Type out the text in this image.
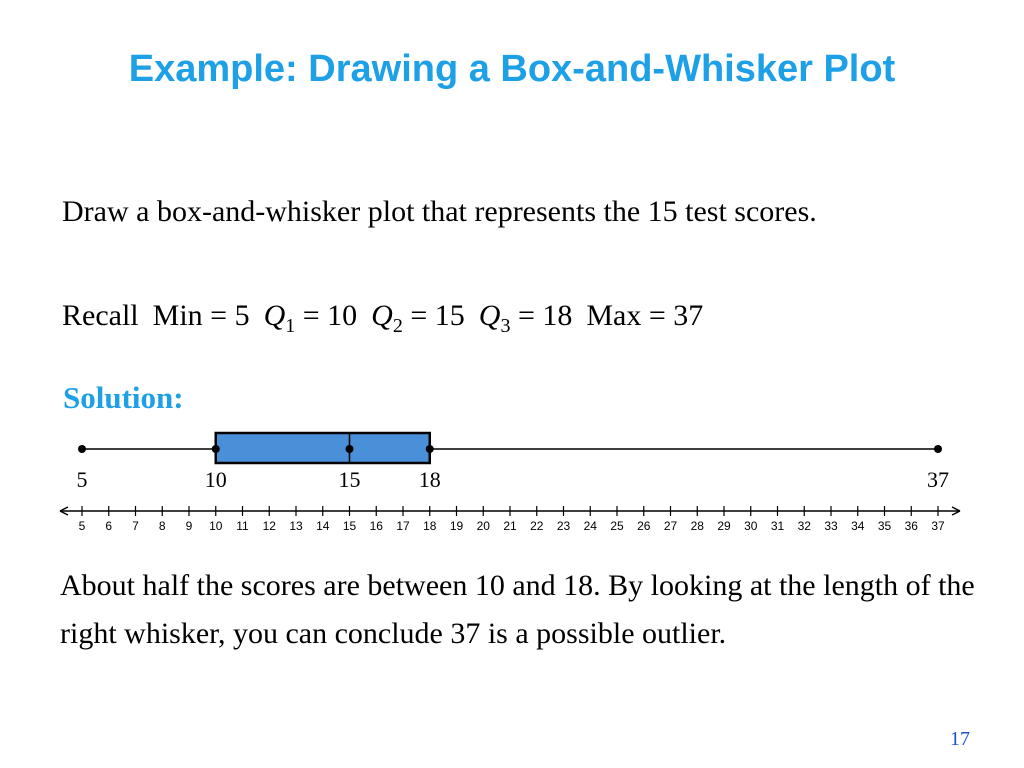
Example: Drawing a Box-and-Whisker Plot
Draw a box-and-whisker plot that represents the 15 test scores.
Recall Min = 5 $Q_1 = 10$ $Q_2 = 15$ $Q_3 = 18$ Max = 37
Solution:
5	10	15	18	37
5 6 7 8 9 10 11 12 13 14 15 16 17 18 19 20 21 22 23 24 25 26 27 28 29 30 31 32 33 34 35 36 37
About half the scores are between 10 and 18. By looking at the length of the right whisker, you can conclude 37 is a possible outlier.
17
